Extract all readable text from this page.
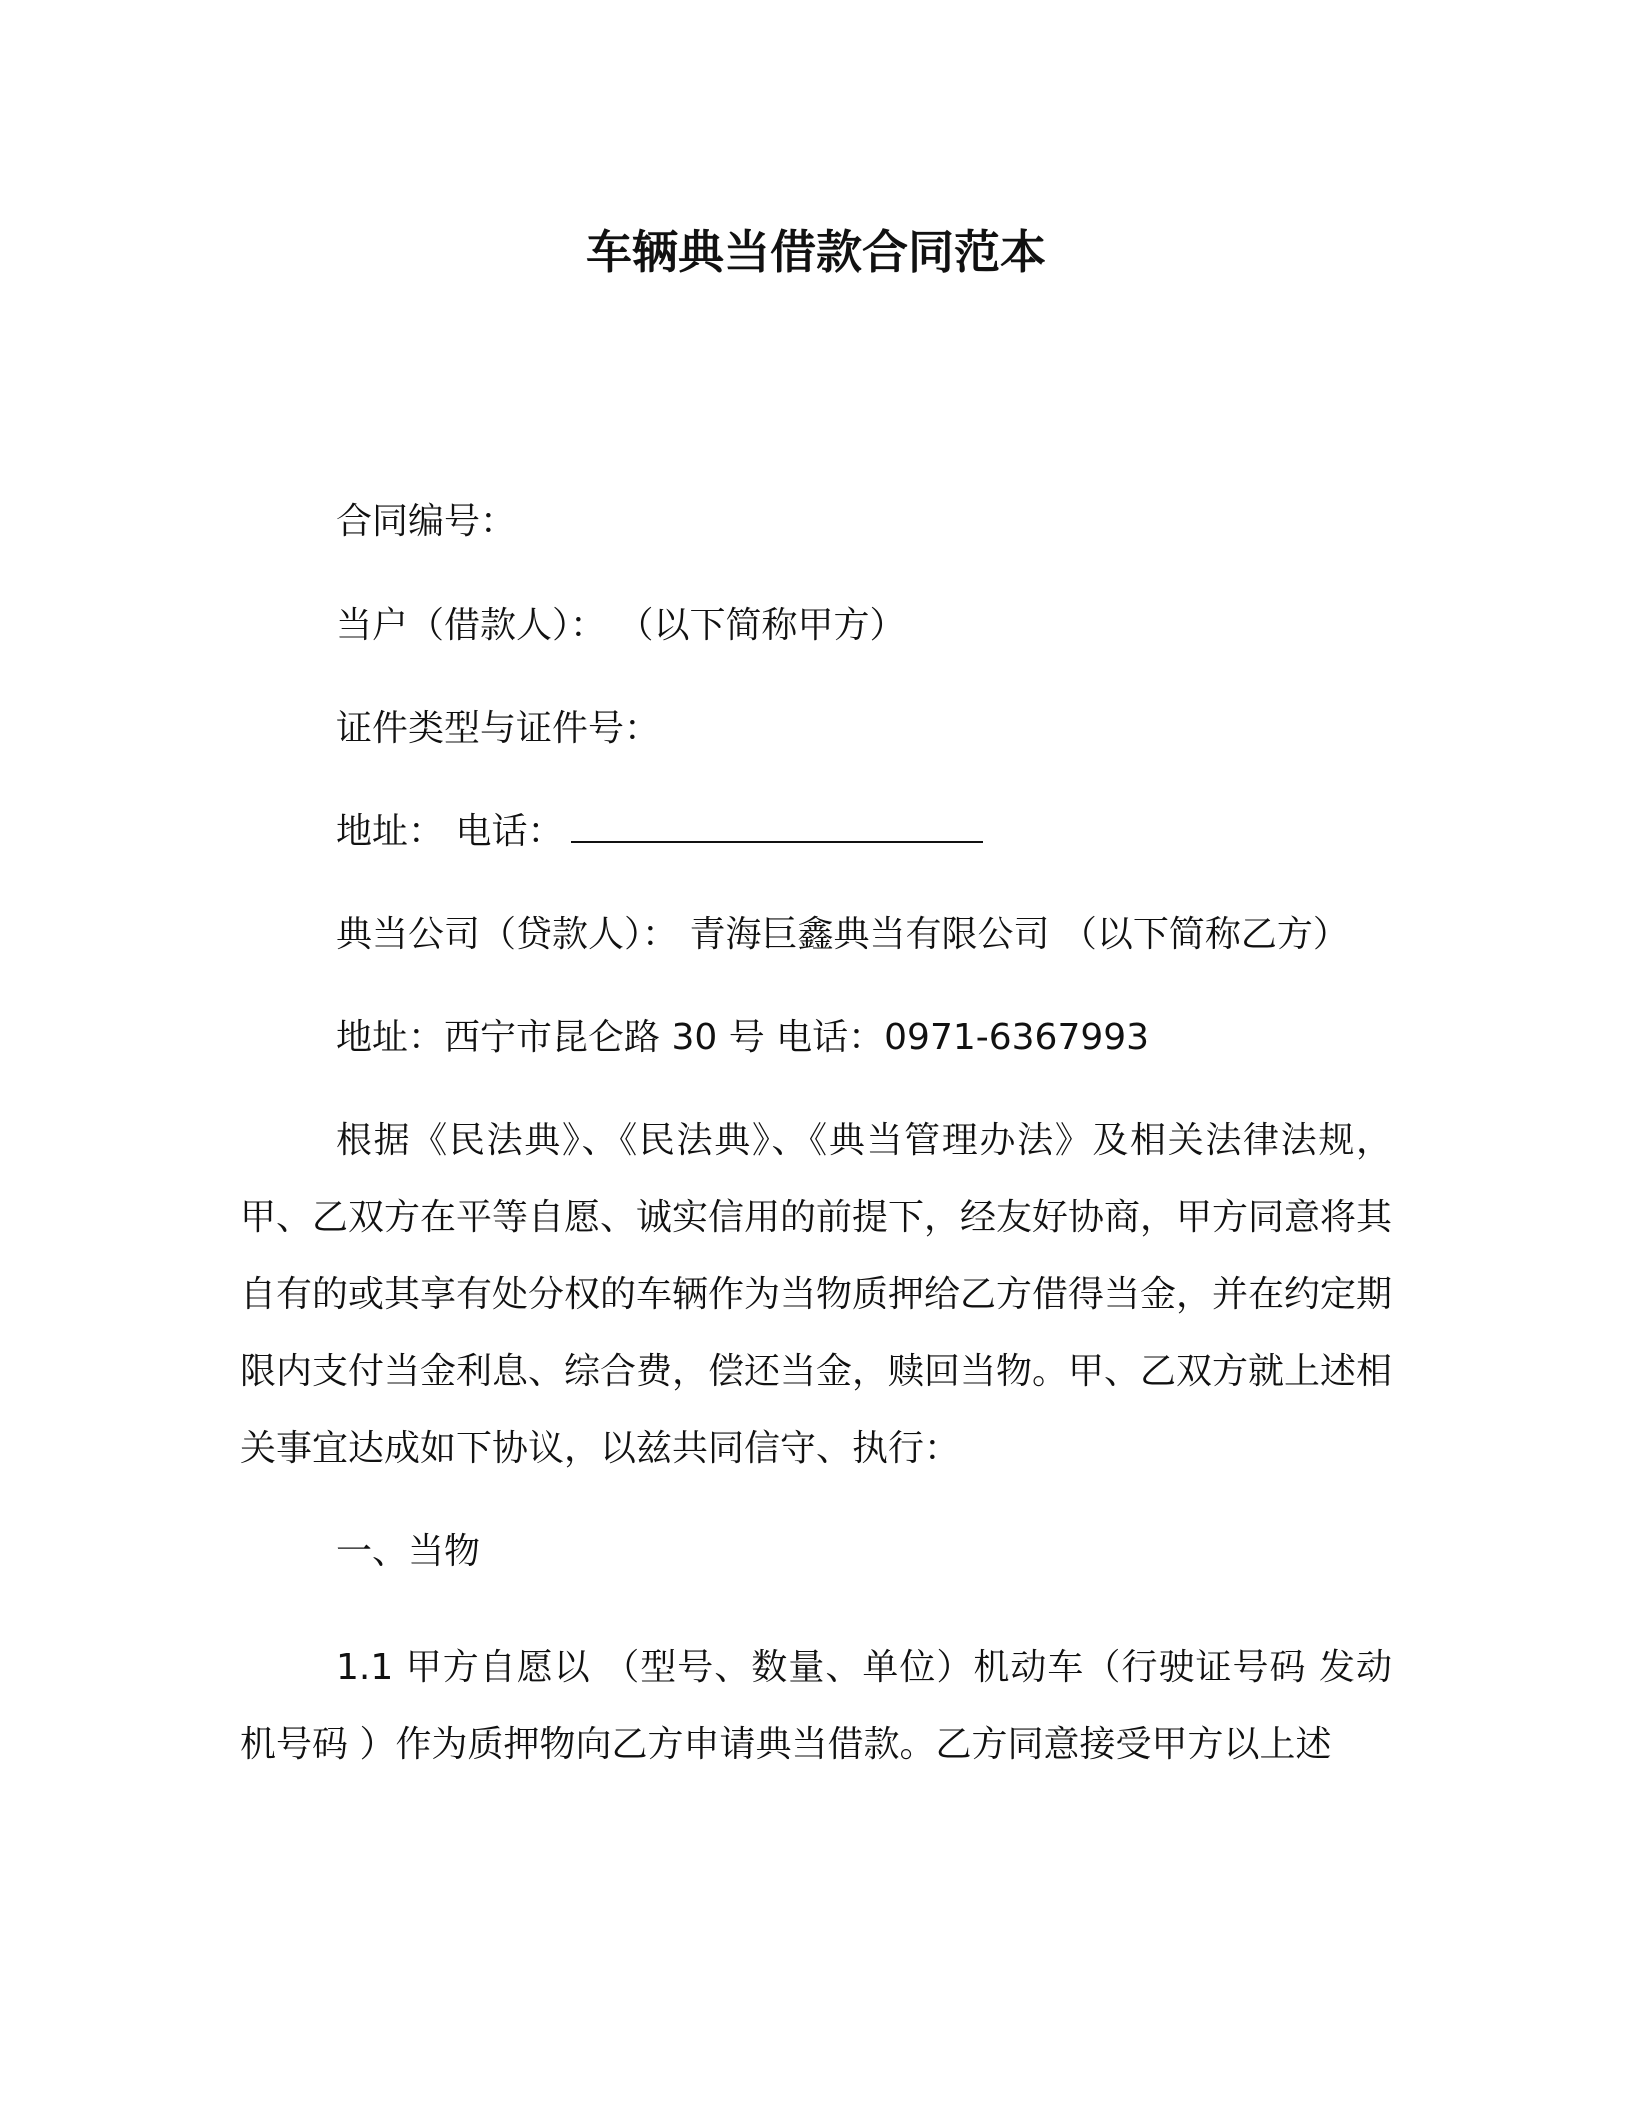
车辆典当借款合同范本
合同编号：
当户（借款人）： （以下简称甲方）
证件类型与证件号：
地址： 电话：
典当公司（贷款人）： 青海巨鑫典当有限公司 （以下简称乙方）
地址：西宁市昆仑路 30 号 电话：0971-6367993
根据《民法典》、《民法典》、《典当管理办法》及相关法律法规，甲、乙双方在平等自愿、诚实信用的前提下，经友好协商，甲方同意将其自有的或其享有处分权的车辆作为当物质押给乙方借得当金，并在约定期限内支付当金利息、综合费，偿还当金，赎回当物。甲、乙双方就上述相关事宜达成如下协议，以兹共同信守、执行：
一、当物
1.1 甲方自愿以 （型号、数量、单位）机动车（行驶证号码 发动机号码 ）作为质押物向乙方申请典当借款。乙方同意接受甲方以上述
